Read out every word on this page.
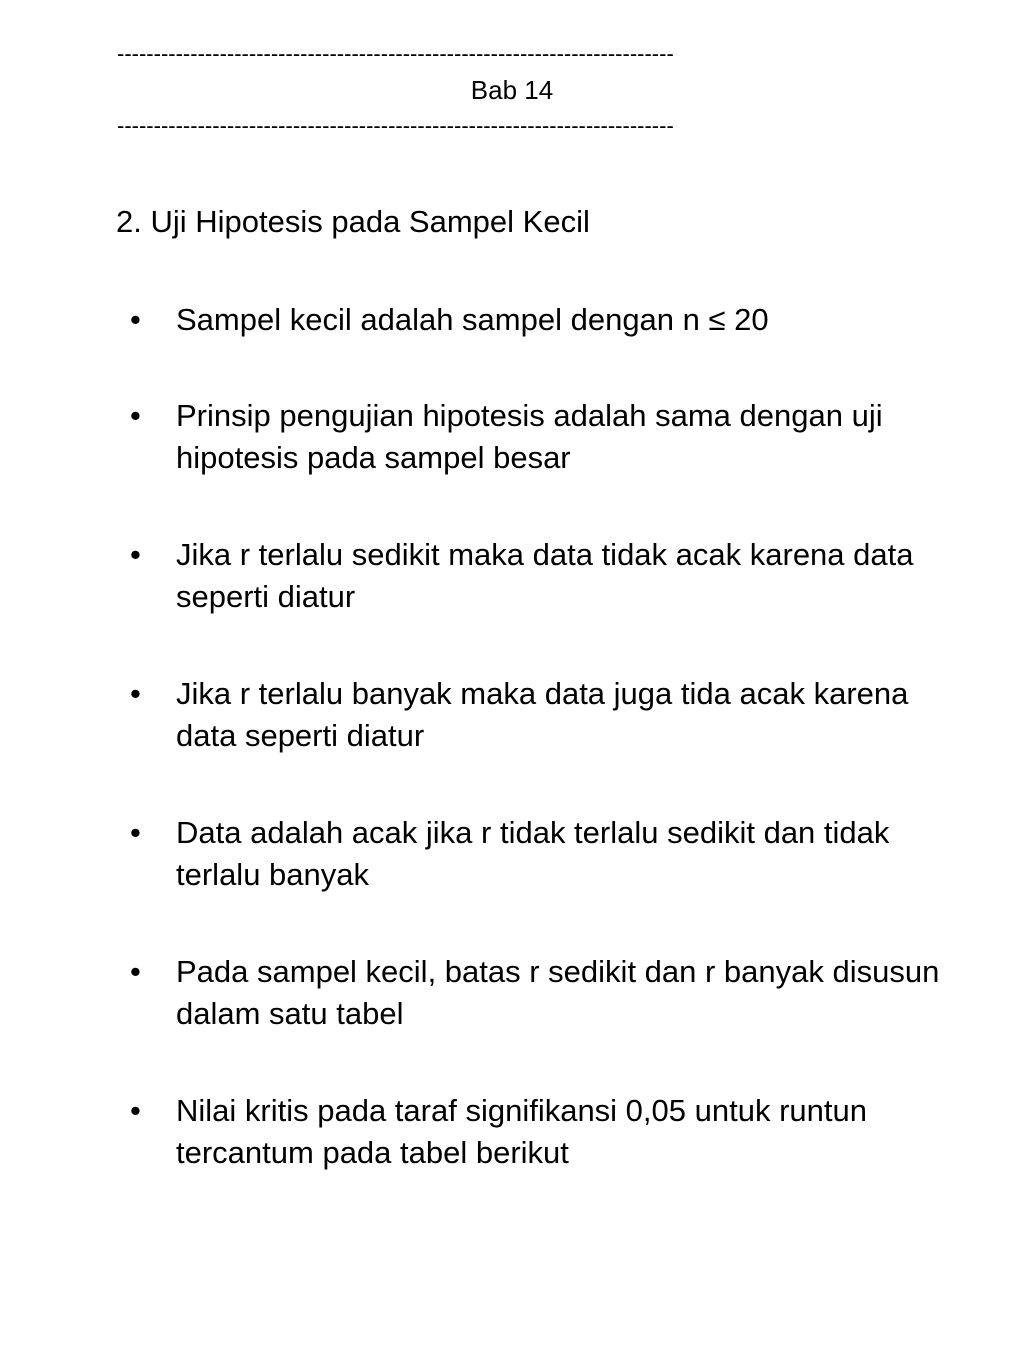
----------------------------------------------------------------------------
Bab 14
----------------------------------------------------------------------------
2. Uji Hipotesis pada Sampel Kecil
• Sampel kecil adalah sampel dengan n ≤ 20
• Prinsip pengujian hipotesis adalah sama dengan uji hipotesis pada sampel besar
• Jika r terlalu sedikit maka data tidak acak karena data seperti diatur
• Jika r terlalu banyak maka data juga tida acak karena data seperti diatur
• Data adalah acak jika r tidak terlalu sedikit dan tidak terlalu banyak
• Pada sampel kecil, batas r sedikit dan r banyak disusun dalam satu tabel
• Nilai kritis pada taraf signifikansi 0,05 untuk runtun tercantum pada tabel berikut
